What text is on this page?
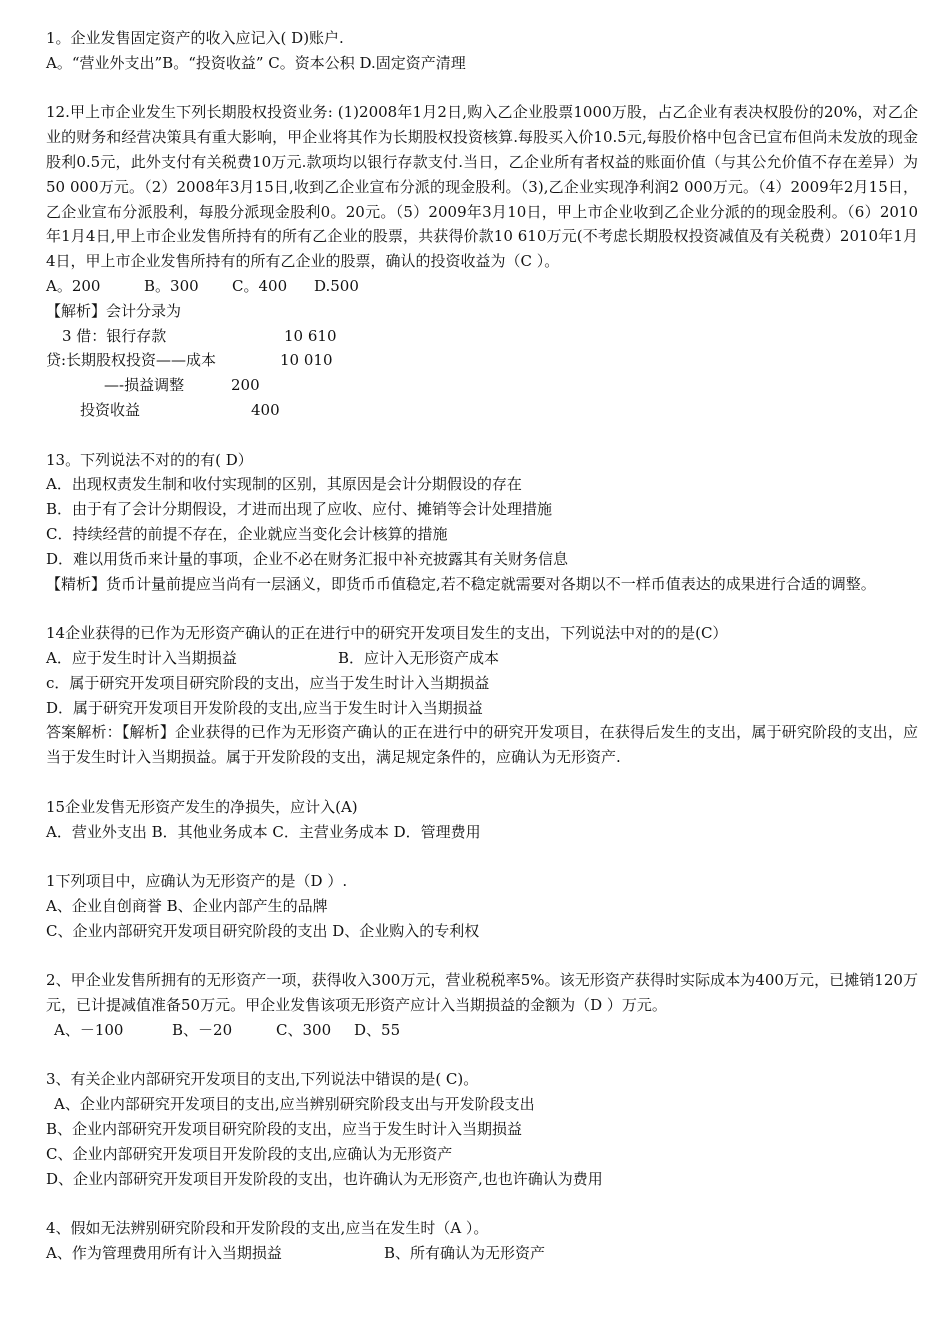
1。企业发售固定资产的收入应记入( D)账户.
A。“营业外支出”B。“投资收益” C。资本公积 D.固定资产清理
12.甲上市企业发生下列长期股权投资业务: (1)2008年1月2日,购入乙企业股票1000万股，占乙企业有表决权股份的20%，对乙企业的财务和经营决策具有重大影响，甲企业将其作为长期股权投资核算.每股买入价10.5元,每股价格中包含已宣布但尚未发放的现金股利0.5元，此外支付有关税费10万元.款项均以银行存款支付.当日，乙企业所有者权益的账面价值（与其公允价值不存在差异）为50 000万元。（2）2008年3月15日,收到乙企业宣布分派的现金股利。（3),乙企业实现净利润2 000万元。（4）2009年2月15日，乙企业宣布分派股利，每股分派现金股利0。20元。（5）2009年3月10日，甲上市企业收到乙企业分派的的现金股利。（6）2010年1月4日,甲上市企业发售所持有的所有乙企业的股票，共获得价款10 610万元(不考虑长期股权投资减值及有关税费）2010年1月4日，甲上市企业发售所持有的所有乙企业的股票，确认的投资收益为（C ）。
A。200	B。300 C。400 D.500
【解析】会计分录为
3 借：银行存款	10 610
贷:长期股权投资——成本	10 010
—-损益调整	200
投资收益	400
13。下列说法不对的的有( D）
A．出现权责发生制和收付实现制的区别，其原因是会计分期假设的存在
B．由于有了会计分期假设，才进而出现了应收、应付、摊销等会计处理措施
C．持续经营的前提不存在，企业就应当变化会计核算的措施
D．难以用货币来计量的事项，企业不必在财务汇报中补充披露其有关财务信息
【精析】货币计量前提应当尚有一层涵义，即货币币值稳定,若不稳定就需要对各期以不一样币值表达的成果进行合适的调整。
14企业获得的已作为无形资产确认的正在进行中的研究开发项目发生的支出，下列说法中对的的是(C）
A．应于发生时计入当期损益	B．应计入无形资产成本
c．属于研究开发项目研究阶段的支出，应当于发生时计入当期损益
D．属于研究开发项目开发阶段的支出,应当于发生时计入当期损益
答案解析：【解析】企业获得的已作为无形资产确认的正在进行中的研究开发项目，在获得后发生的支出，属于研究阶段的支出，应当于发生时计入当期损益。属于开发阶段的支出，满足规定条件的，应确认为无形资产.
15企业发售无形资产发生的净损失，应计入(A)
A．营业外支出 B．其他业务成本 C．主营业务成本 D．管理费用
1下列项目中，应确认为无形资产的是（D ）.
A、企业自创商誉 B、企业内部产生的品牌
C、企业内部研究开发项目研究阶段的支出 D、企业购入的专利权
2、甲企业发售所拥有的无形资产一项，获得收入300万元，营业税税率5%。该无形资产获得时实际成本为400万元，已摊销120万元，已计提减值准备50万元。甲企业发售该项无形资产应计入当期损益的金额为（D ）万元。
A、－100	B、－20	C、300 D、55
3、有关企业内部研究开发项目的支出,下列说法中错误的是( C)。
A、企业内部研究开发项目的支出,应当辨别研究阶段支出与开发阶段支出
B、企业内部研究开发项目研究阶段的支出，应当于发生时计入当期损益
C、企业内部研究开发项目开发阶段的支出,应确认为无形资产
D、企业内部研究开发项目开发阶段的支出，也许确认为无形资产,也也许确认为费用
4、假如无法辨别研究阶段和开发阶段的支出,应当在发生时（A ）。
A、作为管理费用所有计入当期损益	B、所有确认为无形资产
